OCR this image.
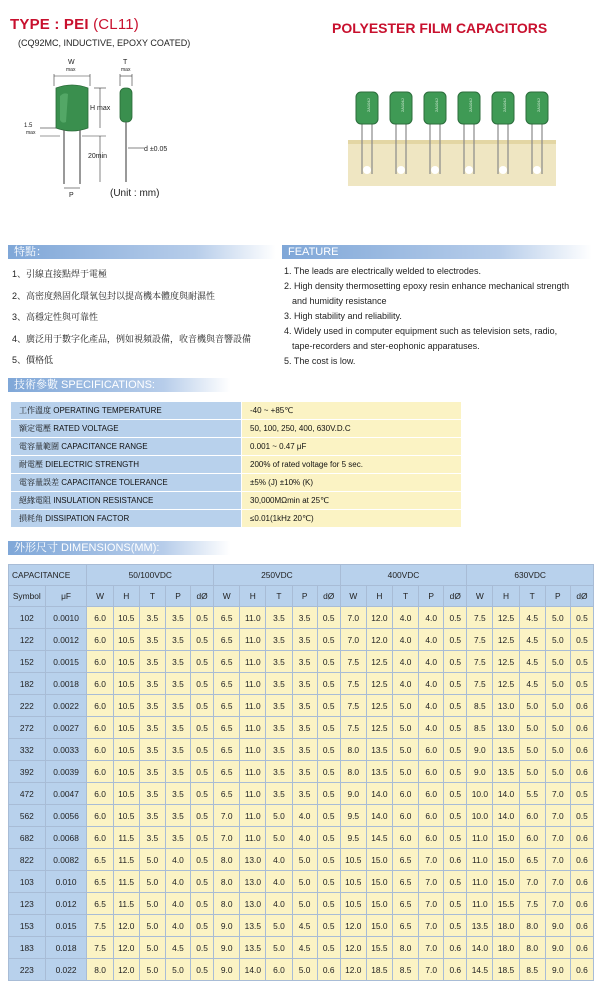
TYPE : PEI (CL11)
(CQ92MC, INDUCTIVE, EPOXY COATED)
POLYESTER FILM CAPACITORS
W
max
H max
1.5
max
20min
P
T
max
d ±0.05
(Unit : mm)
2A104J	2A104J	2A104J	2A104J	2A104J	2A104J
特點：
1、引線直接點焊于電極
2、高密度熱固化環氧包封以提高機本體度與耐濕性
3、高穩定性與可靠性
4、廣泛用于數字化產品，例如視頻設備，收音機與音響設備
5、價格低
FEATURE
1. The leads are electrically welded to electrodes.
2. High density thermosetting epoxy resin enhance mechanical strength
and humidity resistance
3. High stability and reliability.
4. Widely used in computer equipment such as television sets, radio,
tape-recorders and ster-eophonic apparatuses.
5. The cost is low.
技術參數 SPECIFICATIONS:
工作溫度 OPERATING TEMPERATURE	-40 ~ +85℃
額定電壓 RATED VOLTAGE	50, 100, 250, 400, 630V.D.C
電容量範圍 CAPACITANCE RANGE	0.001 ~ 0.47 μF
耐電壓 DIELECTRIC STRENGTH	200% of rated voltage for 5 sec.
電容量誤差 CAPACITANCE TOLERANCE	±5% (J) ±10% (K)
絕緣電阻 INSULATION RESISTANCE	30,000MΩmin at 25℃
損耗角 DISSIPATION FACTOR	≤0.01(1kHz 20℃)
外形尺寸 DIMENSIONS(MM):
CAPACITANCE		50/100VDC					250VDC					400VDC					630VDC				
Symbol	μF	W	H	T	P	dØ	W	H	T	P	dØ	W	H	T	P	dØ	W	H	T	P	dØ
102	0.0010	6.0	10.5	3.5	3.5	0.5	6.5	11.0	3.5	3.5	0.5	7.0	12.0	4.0	4.0	0.5	7.5	12.5	4.5	5.0	0.5
122	0.0012	6.0	10.5	3.5	3.5	0.5	6.5	11.0	3.5	3.5	0.5	7.0	12.0	4.0	4.0	0.5	7.5	12.5	4.5	5.0	0.5
152	0.0015	6.0	10.5	3.5	3.5	0.5	6.5	11.0	3.5	3.5	0.5	7.5	12.5	4.0	4.0	0.5	7.5	12.5	4.5	5.0	0.5
182	0.0018	6.0	10.5	3.5	3.5	0.5	6.5	11.0	3.5	3.5	0.5	7.5	12.5	4.0	4.0	0.5	7.5	12.5	4.5	5.0	0.5
222	0.0022	6.0	10.5	3.5	3.5	0.5	6.5	11.0	3.5	3.5	0.5	7.5	12.5	5.0	4.0	0.5	8.5	13.0	5.0	5.0	0.6
272	0.0027	6.0	10.5	3.5	3.5	0.5	6.5	11.0	3.5	3.5	0.5	7.5	12.5	5.0	4.0	0.5	8.5	13.0	5.0	5.0	0.6
332	0.0033	6.0	10.5	3.5	3.5	0.5	6.5	11.0	3.5	3.5	0.5	8.0	13.5	5.0	6.0	0.5	9.0	13.5	5.0	5.0	0.6
392	0.0039	6.0	10.5	3.5	3.5	0.5	6.5	11.0	3.5	3.5	0.5	8.0	13.5	5.0	6.0	0.5	9.0	13.5	5.0	5.0	0.6
472	0.0047	6.0	10.5	3.5	3.5	0.5	6.5	11.0	3.5	3.5	0.5	9.0	14.0	6.0	6.0	0.5	10.0	14.0	5.5	7.0	0.5
562	0.0056	6.0	10.5	3.5	3.5	0.5	7.0	11.0	5.0	4.0	0.5	9.5	14.0	6.0	6.0	0.5	10.0	14.0	6.0	7.0	0.5
682	0.0068	6.0	11.5	3.5	3.5	0.5	7.0	11.0	5.0	4.0	0.5	9.5	14.5	6.0	6.0	0.5	11.0	15.0	6.0	7.0	0.6
822	0.0082	6.5	11.5	5.0	4.0	0.5	8.0	13.0	4.0	5.0	0.5	10.5	15.0	6.5	7.0	0.6	11.0	15.0	6.5	7.0	0.6
103	0.010	6.5	11.5	5.0	4.0	0.5	8.0	13.0	4.0	5.0	0.5	10.5	15.0	6.5	7.0	0.5	11.0	15.0	7.0	7.0	0.6
123	0.012	6.5	11.5	5.0	4.0	0.5	8.0	13.0	4.0	5.0	0.5	10.5	15.0	6.5	7.0	0.5	11.0	15.5	7.5	7.0	0.6
153	0.015	7.5	12.0	5.0	4.0	0.5	9.0	13.5	5.0	4.5	0.5	12.0	15.0	6.5	7.0	0.5	13.5	18.0	8.0	9.0	0.6
183	0.018	7.5	12.0	5.0	4.5	0.5	9.0	13.5	5.0	4.5	0.5	12.0	15.5	8.0	7.0	0.6	14.0	18.0	8.0	9.0	0.6
223	0.022	8.0	12.0	5.0	5.0	0.5	9.0	14.0	6.0	5.0	0.6	12.0	18.5	8.5	7.0	0.6	14.5	18.5	8.5	9.0	0.6
